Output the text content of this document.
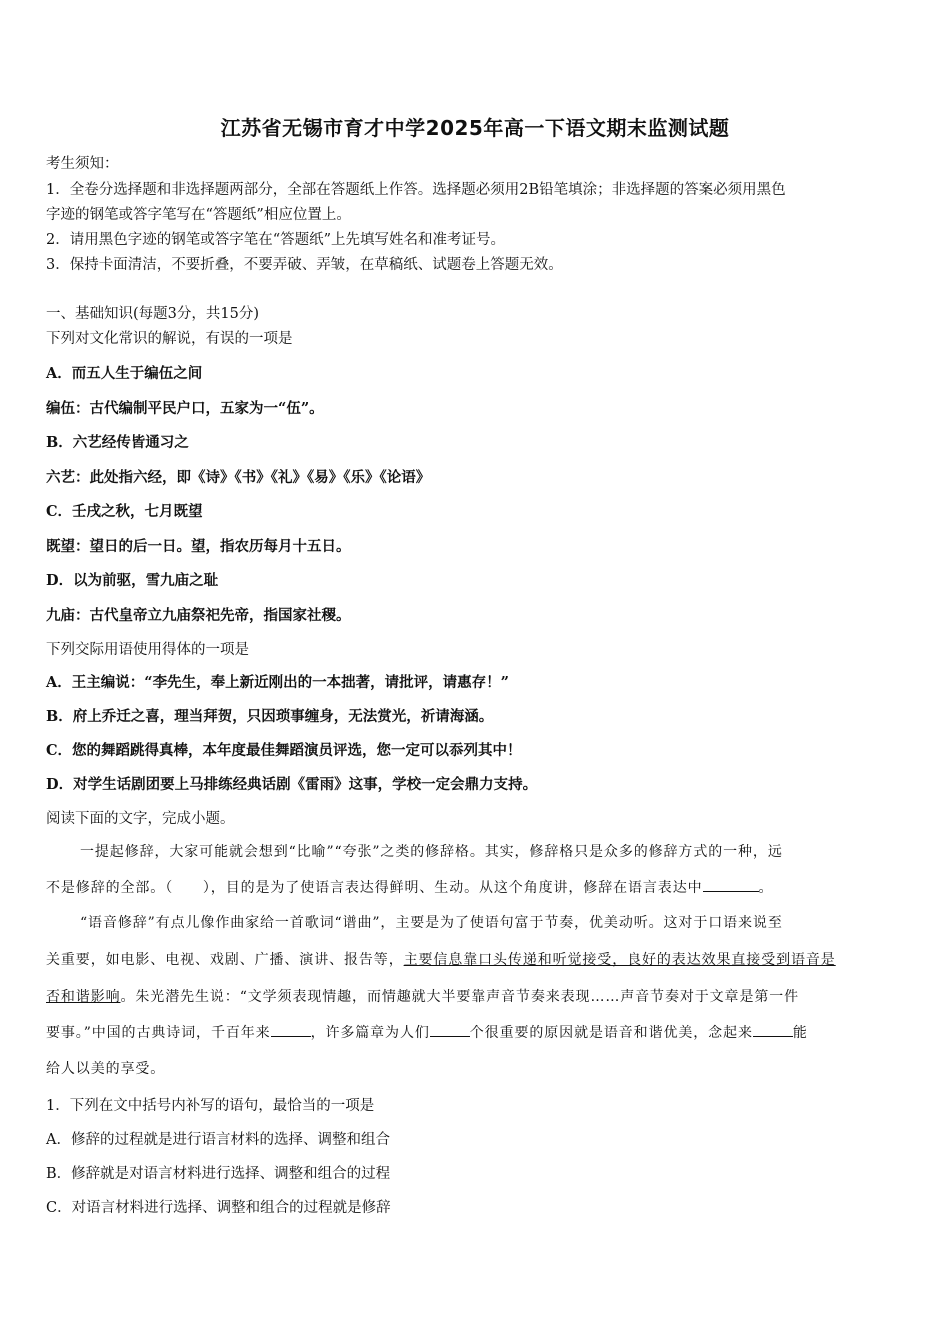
江苏省无锡市育才中学2025年高一下语文期末监测试题
考生须知：
1．全卷分选择题和非选择题两部分，全部在答题纸上作答。选择题必须用2B铅笔填涂；非选择题的答案必须用黑色
字迹的钢笔或答字笔写在“答题纸”相应位置上。
2．请用黑色字迹的钢笔或答字笔在“答题纸”上先填写姓名和准考证号。
3．保持卡面清洁，不要折叠，不要弄破、弄皱，在草稿纸、试题卷上答题无效。
一、基础知识(每题3分，共15分)
下列对文化常识的解说，有误的一项是
A．而五人生于编伍之间
编伍：古代编制平民户口，五家为一“伍”。
B．六艺经传皆通习之
六艺：此处指六经，即《诗》《书》《礼》《易》《乐》《论语》
C．壬戌之秋，七月既望
既望：望日的后一日。望，指农历每月十五日。
D．以为前驱，雪九庙之耻
九庙：古代皇帝立九庙祭祀先帝，指国家社稷。
下列交际用语使用得体的一项是
A．王主编说：“李先生，奉上新近刚出的一本拙著，请批评，请惠存！”
B．府上乔迁之喜，理当拜贺，只因琐事缠身，无法赏光，祈请海涵。
C．您的舞蹈跳得真棒，本年度最佳舞蹈演员评选，您一定可以忝列其中！
D．对学生话剧团要上马排练经典话剧《雷雨》这事，学校一定会鼎力支持。
阅读下面的文字，完成小题。
一提起修辞，大家可能就会想到“比喻”“夸张”之类的修辞格。其实，修辞格只是众多的修辞方式的一种，远
不是修辞的全部。（　　），目的是为了使语言表达得鲜明、生动。从这个角度讲，修辞在语言表达中	。
“语音修辞”有点儿像作曲家给一首歌词“谱曲”，主要是为了使语句富于节奏，优美动听。这对于口语来说至
关重要，如电影、电视、戏剧、广播、演讲、报告等，主要信息靠口头传递和听觉接受，良好的表达效果直接受到语音是
否和谐影响。朱光潜先生说：“文学须表现情趣，而情趣就大半要靠声音节奏来表现……声音节奏对于文章是第一件
要事。”中国的古典诗词，千百年来	，许多篇章为人们	个很重要的原因就是语音和谐优美，念起来	能
给人以美的享受。
1．下列在文中括号内补写的语句，最恰当的一项是
A．修辞的过程就是进行语言材料的选择、调整和组合
B．修辞就是对语言材料进行选择、调整和组合的过程
C．对语言材料进行选择、调整和组合的过程就是修辞
